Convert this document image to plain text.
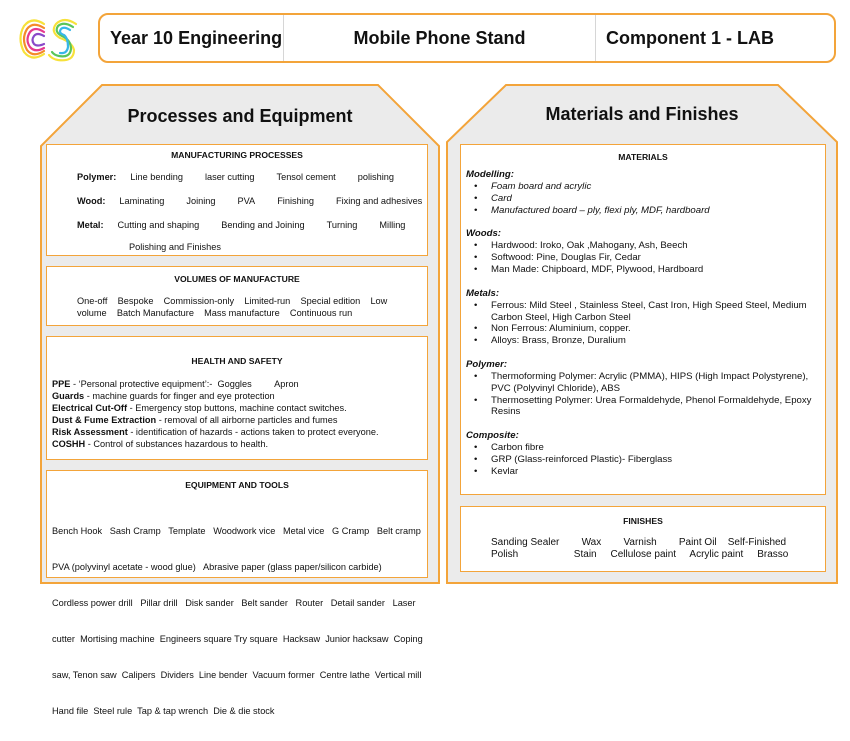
Year 10 Engineering	Mobile Phone Stand	Component 1 - LAB
Processes and Equipment
MANUFACTURING PROCESSES
Polymer: Line bending laser cutting Tensol cement polishing
Wood: Laminating Joining PVA Finishing Fixing and adhesives
Metal: Cutting and shaping Bending and Joining Turning Milling
Polishing and Finishes
VOLUMES OF MANUFACTURE
One-off    Bespoke    Commission-only    Limited-run    Special edition    Low
volume    Batch Manufacture    Mass manufacture    Continuous run
HEALTH AND SAFETY
PPE - ‘Personal protective equipment’:-  Goggles         Apron
Guards - machine guards for finger and eye protection
Electrical Cut-Off - Emergency stop buttons, machine contact switches.
Dust & Fume Extraction - removal of all airborne particles and fumes
Risk Assessment - identification of hazards - actions taken to protect everyone.
COSHH - Control of substances hazardous to health.
EQUIPMENT AND TOOLS

Bench Hook   Sash Cramp   Template   Woodwork vice   Metal vice   G Cramp   Belt cramp

PVA (polyvinyl acetate - wood glue)   Abrasive paper (glass paper/silicon carbide)

Cordless power drill   Pillar drill   Disk sander   Belt sander   Router   Detail sander   Laser

cutter  Mortising machine  Engineers square Try square  Hacksaw  Junior hacksaw  Coping

saw, Tenon saw  Calipers  Dividers  Line bender  Vacuum former  Centre lathe  Vertical mill

Hand file  Steel rule  Tap & tap wrench  Die & die stock

Materials and Finishes
MATERIALS
Modelling:
• Foam board and acrylic
• Card
• Manufactured board – ply, flexi ply, MDF, hardboard
Woods:
• Hardwood: Iroko, Oak ,Mahogany, Ash, Beech
• Softwood: Pine, Douglas Fir, Cedar
• Man Made: Chipboard, MDF, Plywood, Hardboard
Metals:
• Ferrous: Mild Steel , Stainless Steel, Cast Iron, High Speed Steel, Medium Carbon Steel, High Carbon Steel
• Non Ferrous: Aluminium, copper.
• Alloys: Brass, Bronze, Duralium
Polymer:
• Thermoforming Polymer: Acrylic (PMMA), HIPS (High Impact Polystyrene), PVC (Polyvinyl Chloride), ABS
• Thermosetting Polymer: Urea Formaldehyde, Phenol Formaldehyde, Epoxy Resins
Composite:
• Carbon fibre
• GRP (Glass-reinforced Plastic)- Fiberglass
• Kevlar
FINISHES
Sanding Sealer        Wax        Varnish        Paint Oil    Self-Finished
Polish                    Stain     Cellulose paint     Acrylic paint     Brasso
